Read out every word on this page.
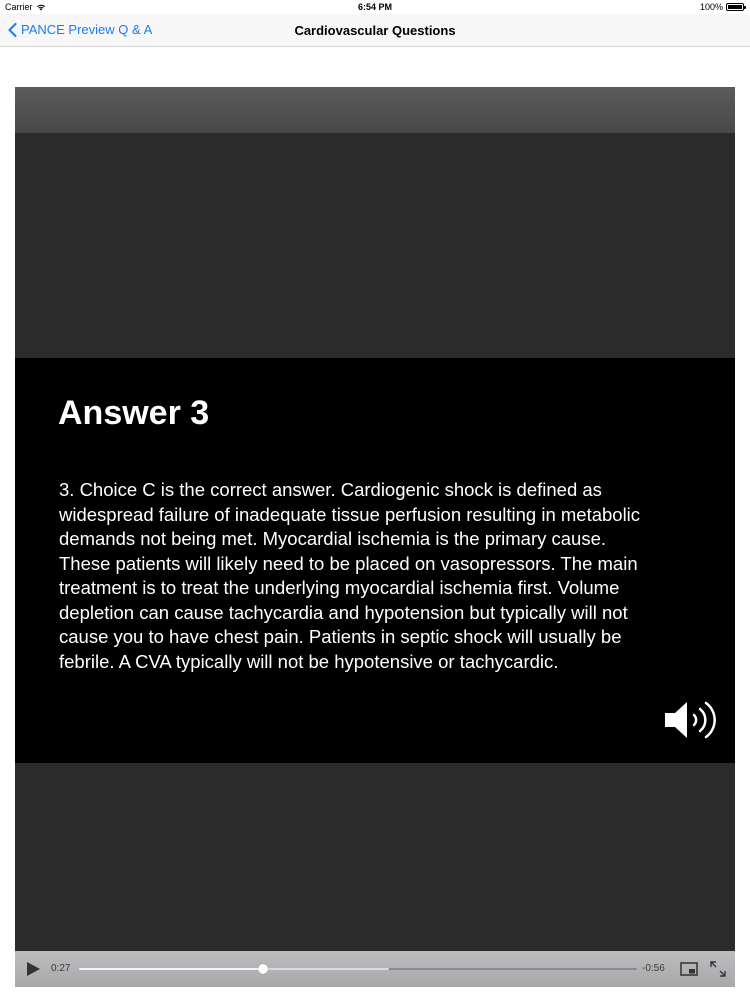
Carrier	6:54 PM	100%
PANCE Preview Q & A	Cardiovascular Questions
Answer 3
3. Choice C is the correct answer. Cardiogenic shock is defined as
widespread failure of inadequate tissue perfusion resulting in metabolic
demands not being met. Myocardial ischemia is the primary cause.
These patients will likely need to be placed on vasopressors. The main
treatment is to treat the underlying myocardial ischemia first. Volume
depletion can cause tachycardia and hypotension but typically will not
cause you to have chest pain. Patients in septic shock will usually be
febrile. A CVA typically will not be hypotensive or tachycardic.
0:27	-0:56
